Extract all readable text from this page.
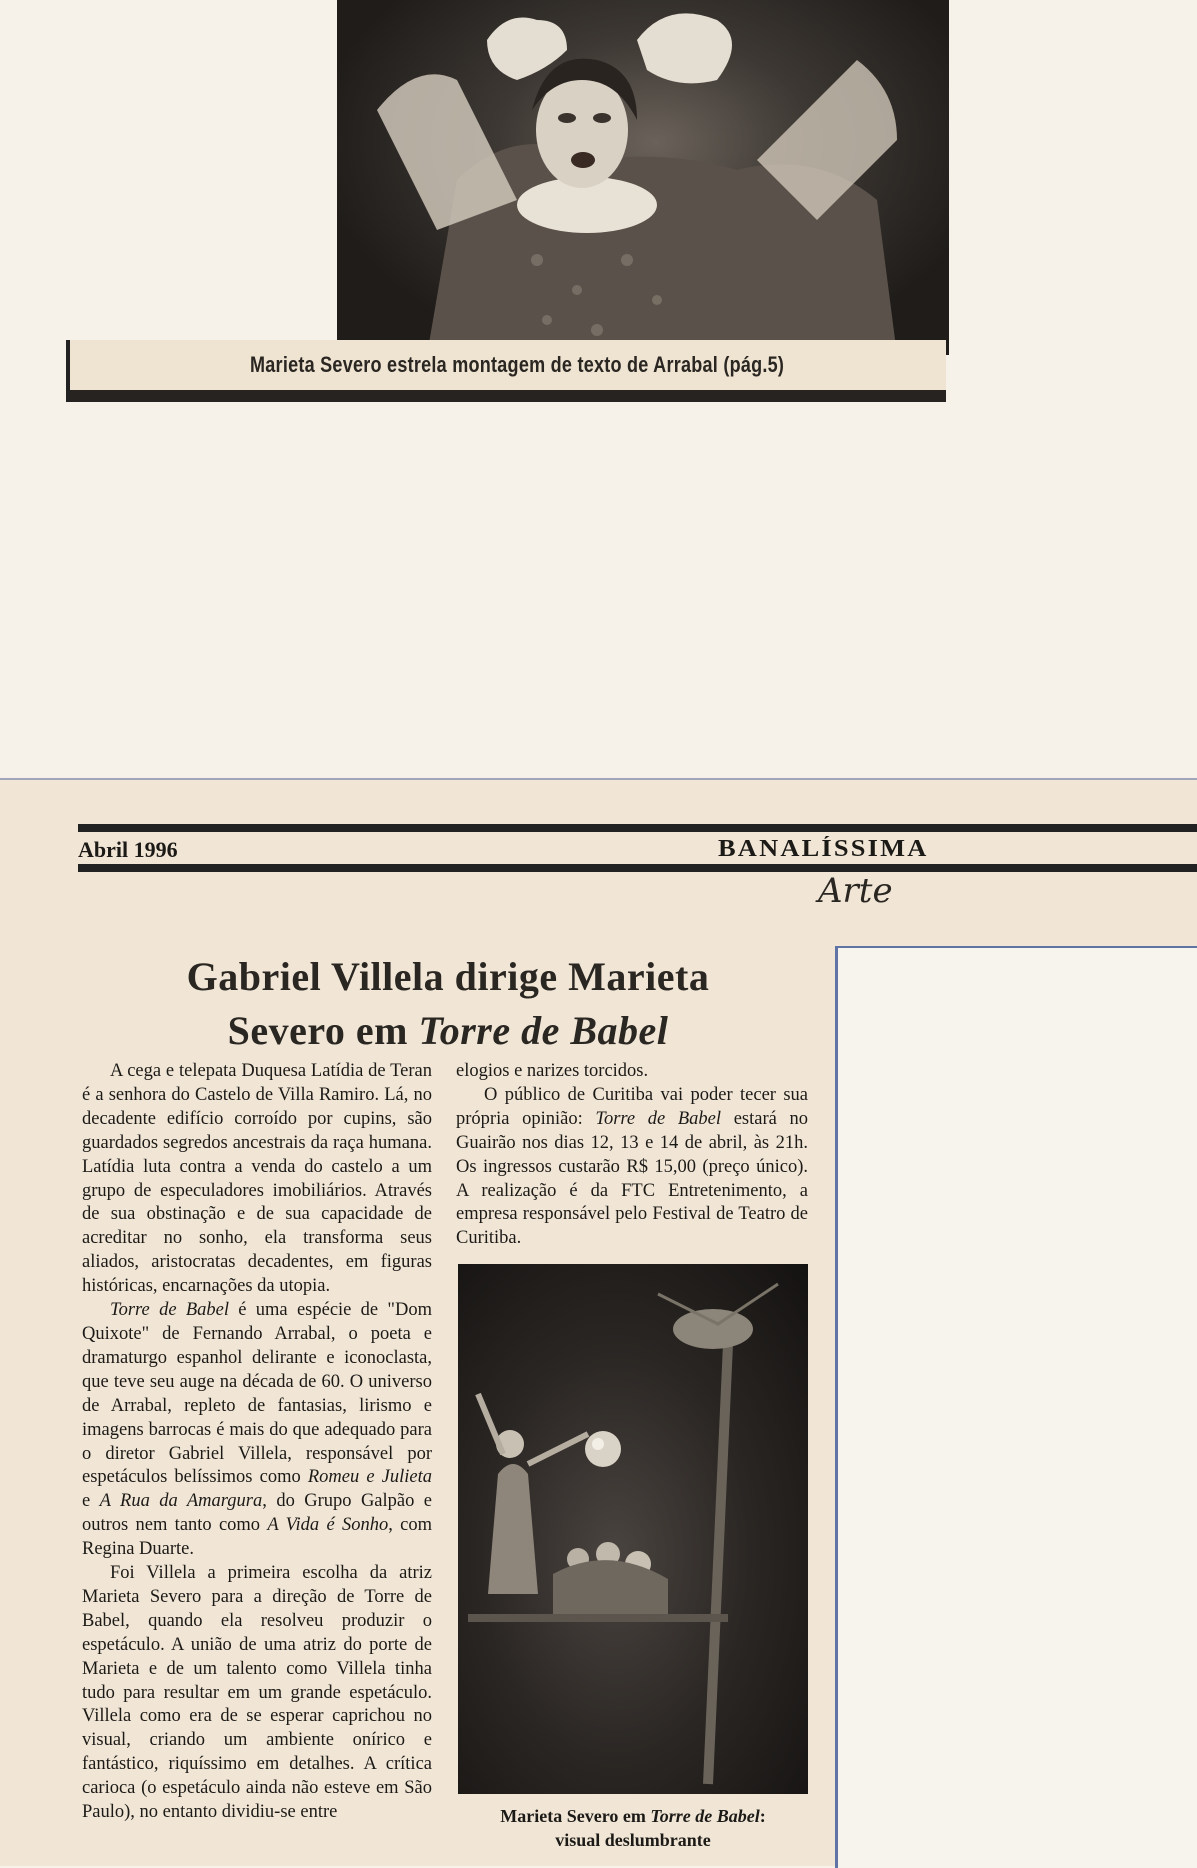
Marieta Severo estrela montagem de texto de Arrabal (pág.5)
Abril 1996	BANALÍSSIMA
Arte
Gabriel Villela dirige Marieta
Severo em Torre de Babel

A cega e telepata Duquesa Latídia de Teran é a senhora do Castelo de Villa Ramiro. Lá, no decadente edifício corroído por cupins, são guardados segredos ancestrais da raça humana. Latídia luta contra a venda do castelo a um grupo de especuladores imobiliários. Através de sua obstinação e de sua capacidade de acreditar no sonho, ela transforma seus aliados, aristocratas decadentes, em figuras históricas, encarnações da utopia.

Torre de Babel é uma espécie de "Dom Quixote" de Fernando Arrabal, o poeta e dramaturgo espanhol delirante e iconoclasta, que teve seu auge na década de 60. O universo de Arrabal, repleto de fantasias, lirismo e imagens barrocas é mais do que adequado para o diretor Gabriel Villela, responsável por espetáculos belíssimos como Romeu e Julieta e A Rua da Amargura, do Grupo Galpão e outros nem tanto como A Vida é Sonho, com Regina Duarte.

Foi Villela a primeira escolha da atriz Marieta Severo para a direção de Torre de Babel, quando ela resolveu produzir o espetáculo. A união de uma atriz do porte de Marieta e de um talento como Villela tinha tudo para resultar em um grande espetáculo. Villela como era de se esperar caprichou no visual, criando um ambiente onírico e fantástico, riquíssimo em detalhes. A crítica carioca (o espetáculo ainda não esteve em São Paulo), no entanto dividiu-se entre

elogios e narizes torcidos.

O público de Curitiba vai poder tecer sua própria opinião: Torre de Babel estará no Guairão nos dias 12, 13 e 14 de abril, às 21h. Os ingressos custarão R$ 15,00 (preço único). A realização é da FTC Entretenimento, a empresa responsável pelo Festival de Teatro de Curitiba.

Marieta Severo em Torre de Babel:
visual deslumbrante
